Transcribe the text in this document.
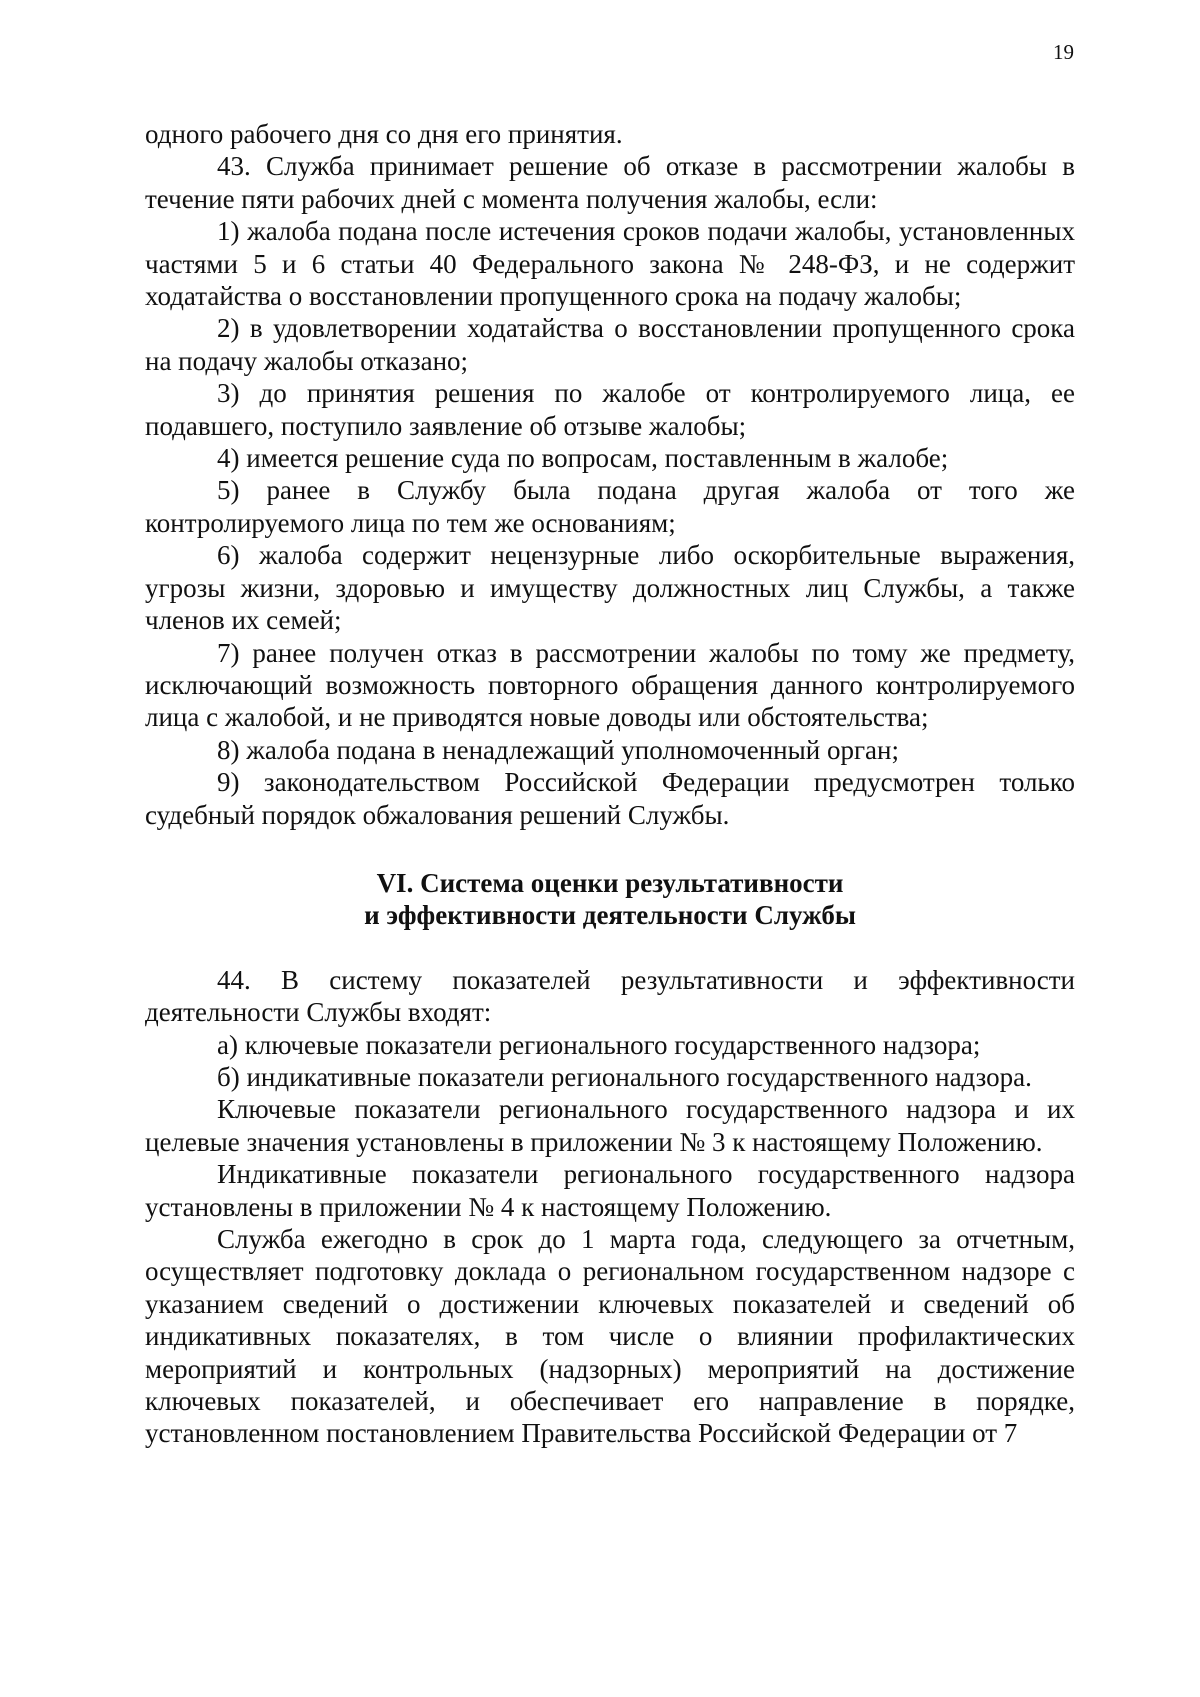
19

одного рабочего дня со дня его принятия.

43. Служба принимает решение об отказе в рассмотрении жалобы в течение пяти рабочих дней с момента получения жалобы, если:

1) жалоба подана после истечения сроков подачи жалобы, установленных частями 5 и 6 статьи 40 Федерального закона № 248-ФЗ, и не содержит ходатайства о восстановлении пропущенного срока на подачу жалобы;

2) в удовлетворении ходатайства о восстановлении пропущенного срока на подачу жалобы отказано;

3) до принятия решения по жалобе от контролируемого лица, ее подавшего, поступило заявление об отзыве жалобы;

4) имеется решение суда по вопросам, поставленным в жалобе;

5) ранее в Службу была подана другая жалоба от того же контролируемого лица по тем же основаниям;

6) жалоба содержит нецензурные либо оскорбительные выражения, угрозы жизни, здоровью и имуществу должностных лиц Службы, а также членов их семей;

7) ранее получен отказ в рассмотрении жалобы по тому же предмету, исключающий возможность повторного обращения данного контролируемого лица с жалобой, и не приводятся новые доводы или обстоятельства;

8) жалоба подана в ненадлежащий уполномоченный орган;

9) законодательством Российской Федерации предусмотрен только судебный порядок обжалования решений Службы.

VI. Система оценки результативности
и эффективности деятельности Службы

44. В систему показателей результативности и эффективности деятельности Службы входят:

а) ключевые показатели регионального государственного надзора;

б) индикативные показатели регионального государственного надзора.

Ключевые показатели регионального государственного надзора и их целевые значения установлены в приложении № 3 к настоящему Положению.

Индикативные показатели регионального государственного надзора установлены в приложении № 4 к настоящему Положению.

Служба ежегодно в срок до 1 марта года, следующего за отчетным, осуществляет подготовку доклада о региональном государственном надзоре с указанием сведений о достижении ключевых показателей и сведений об индикативных показателях, в том числе о влиянии профилактических мероприятий и контрольных (надзорных) мероприятий на достижение ключевых показателей, и обеспечивает его направление в порядке, установленном постановлением Правительства Российской Федерации от 7
